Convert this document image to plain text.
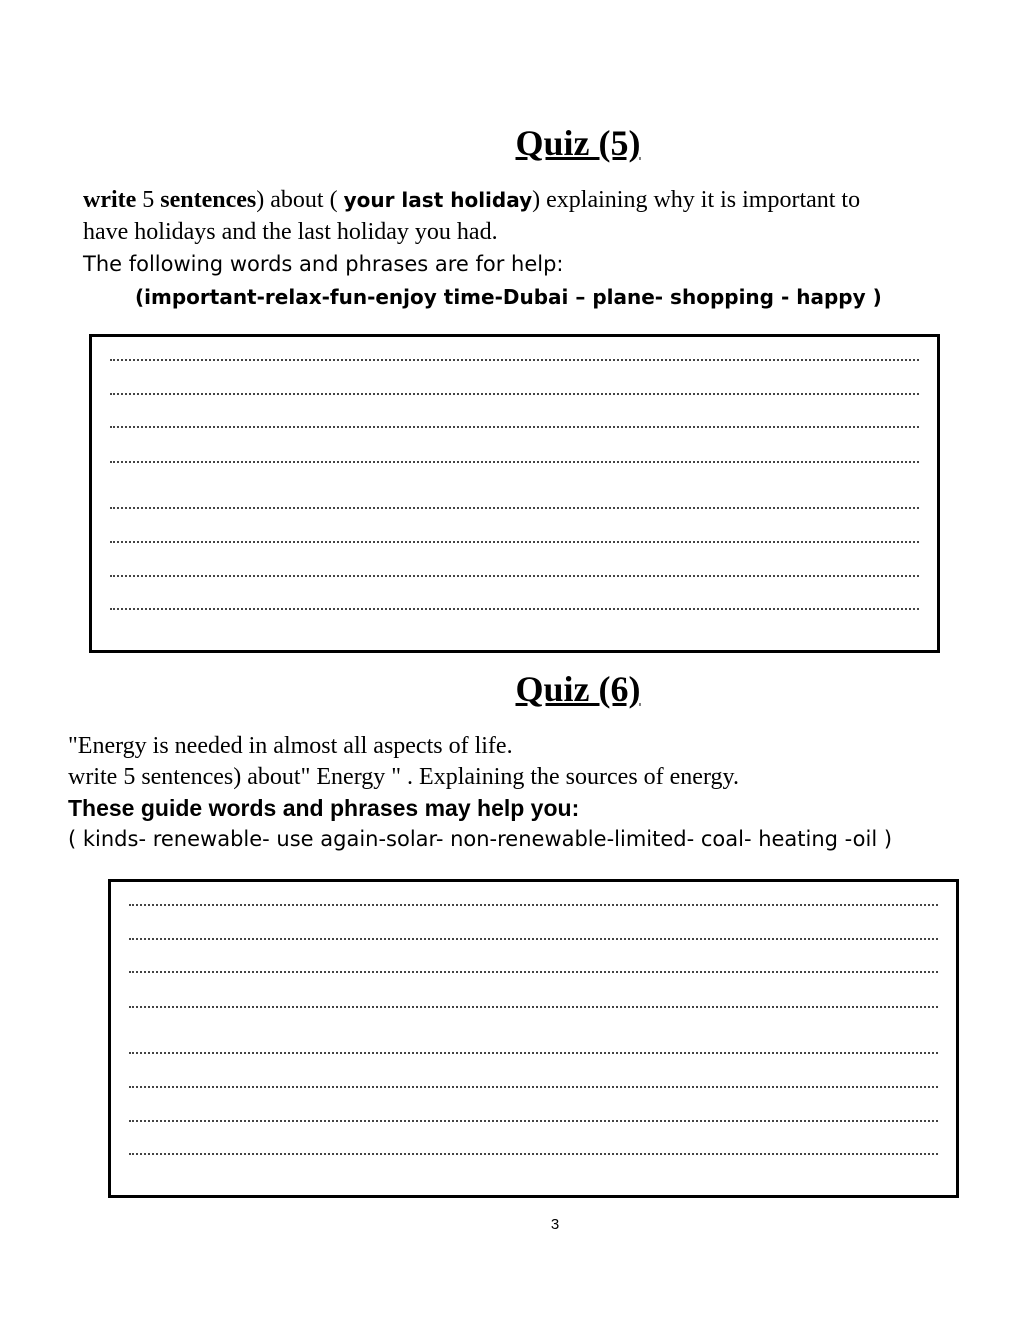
Quiz (5)

write 5 sentences) about ( your last holiday) explaining why it is important to

have holidays and the last holiday you had.

The following words and phrases are for help:

(important-relax-fun-enjoy time-Dubai – plane- shopping - happy )

Quiz (6)

"Energy is needed in almost all aspects of life.

write 5 sentences) about" Energy " . Explaining the sources of energy.

These guide words and phrases may help you:

( kinds- renewable- use again-solar- non-renewable-limited- coal- heating -oil )

3
